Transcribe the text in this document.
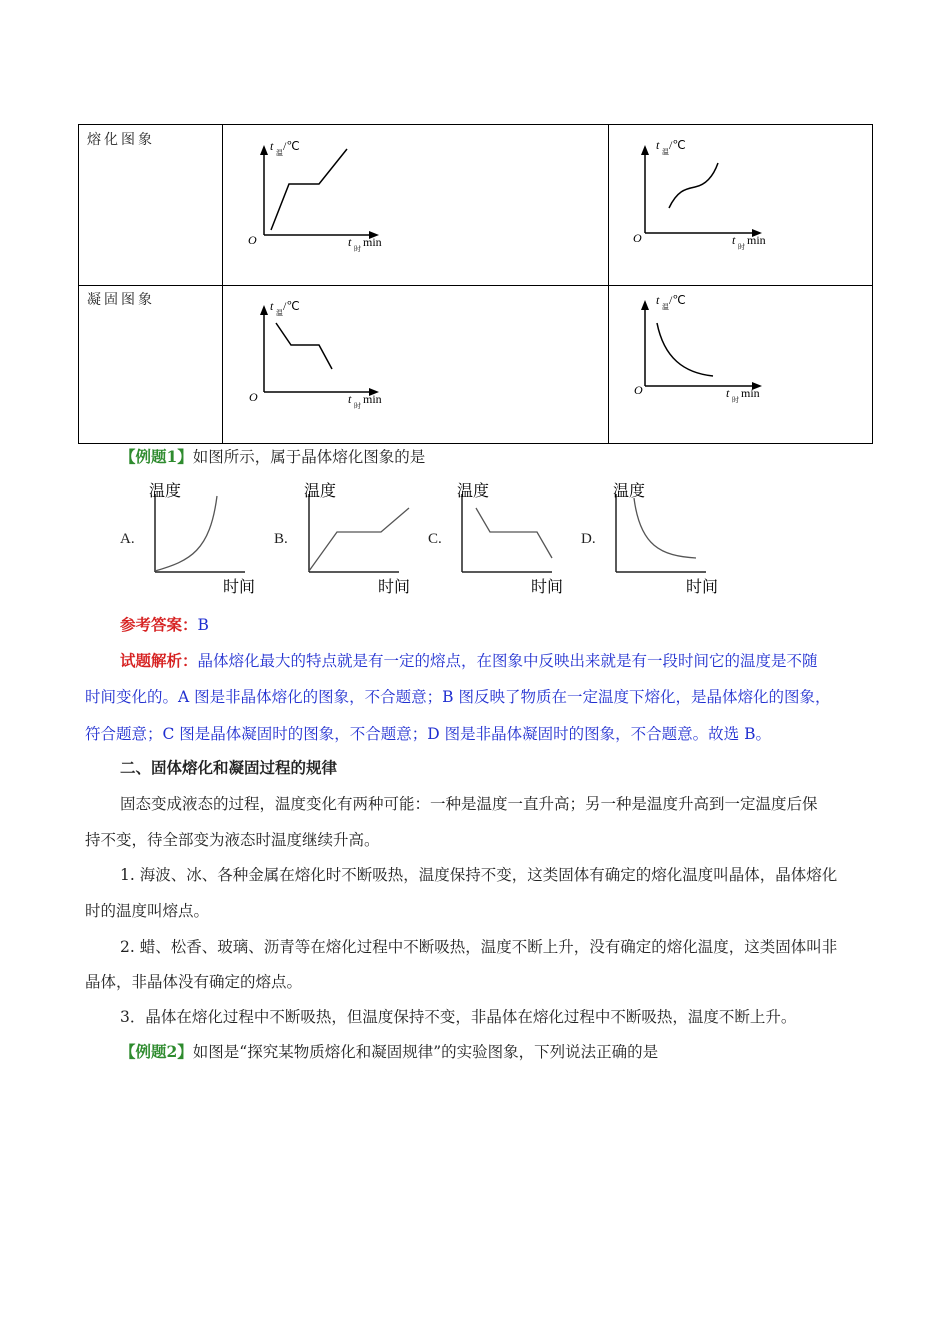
熔化图象
凝固图象
t 温 /℃
t 时 min
O
t 温 /℃
t 时 min
O
t 温 /℃
t 时 min
O
t 温 /℃
t 时 min
O
【例题1】如图所示，属于晶体熔化图象的是
A.	B.	C.	D.
温度
时间
温度
时间
温度
时间
温度
时间
参考答案：B
试题解析：晶体熔化最大的特点就是有一定的熔点，在图象中反映出来就是有一段时间它的温度是不随
时间变化的。A 图是非晶体熔化的图象，不合题意；B 图反映了物质在一定温度下熔化，是晶体熔化的图象，
符合题意；C 图是晶体凝固时的图象，不合题意；D 图是非晶体凝固时的图象，不合题意。故选 B。
二、固体熔化和凝固过程的规律
固态变成液态的过程，温度变化有两种可能：一种是温度一直升高；另一种是温度升高到一定温度后保
持不变，待全部变为液态时温度继续升高。
1. 海波、冰、各种金属在熔化时不断吸热，温度保持不变，这类固体有确定的熔化温度叫晶体，晶体熔化
时的温度叫熔点。
2. 蜡、松香、玻璃、沥青等在熔化过程中不断吸热，温度不断上升，没有确定的熔化温度，这类固体叫非
晶体，非晶体没有确定的熔点。
3．晶体在熔化过程中不断吸热，但温度保持不变，非晶体在熔化过程中不断吸热，温度不断上升。
【例题2】如图是“探究某物质熔化和凝固规律”的实验图象，下列说法正确的是
